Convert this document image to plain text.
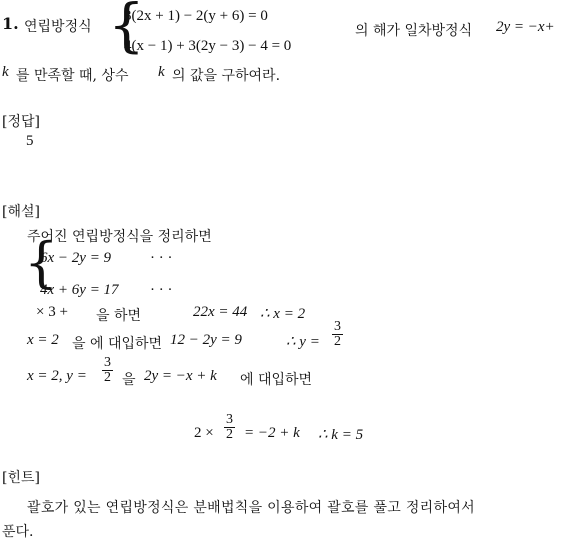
1. 연립방정식 {
3(2x + 1) − 2(y + 6) = 0
4(x − 1) + 3(2y − 3) − 4 = 0
의 해가 일차방정식 2y = −x+
k 를 만족할 때, 상수 k 의 값을 구하여라.
[정답]
5
[해설]
주어진 연립방정식을 정리하면
{
6x − 2y = 9	· · ·
4x + 6y = 17 · · ·
× 3 + 을 하면	22x = 44 ∴ x = 2
x = 2 을 에 대입하면 12 − 2y = 9	∴ $y = \frac{3}{2}$
x = 2, $y = \frac{3}{2}$ 을 2y = −x + k 에 대입하면
$2 \times \frac{3}{2} = -2 + k$ ∴ k = 5
[힌트]
괄호가 있는 연립방정식은 분배법칙을 이용하여 괄호를 풀고 정리하여서
푼다.
